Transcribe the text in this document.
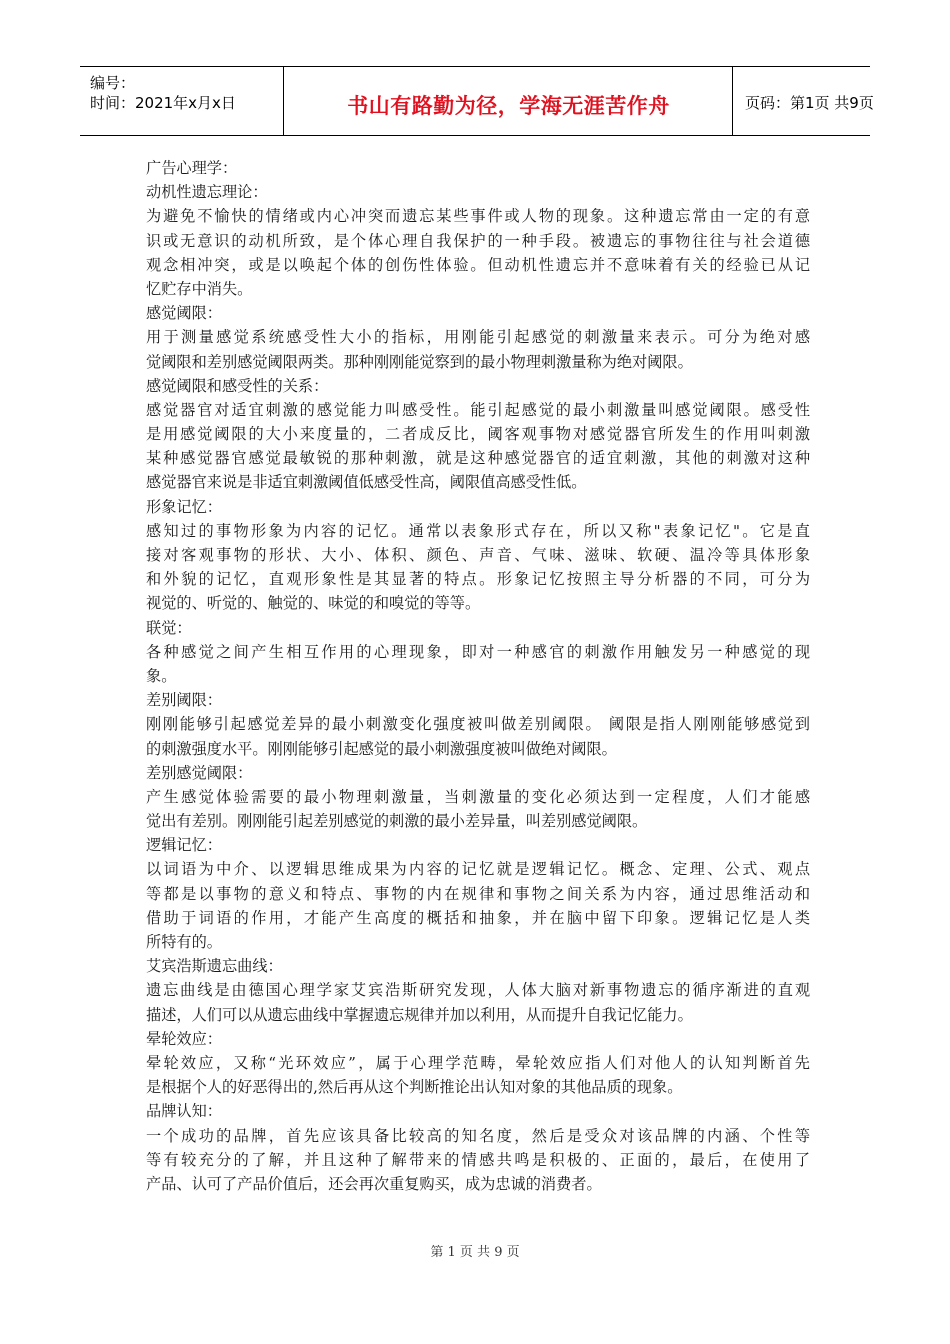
编号：
时间：2021年x月x日	书山有路勤为径，学海无涯苦作舟	页码：第1页 共9页
广告心理学：
动机性遗忘理论：
为避免不愉快的情绪或内心冲突而遗忘某些事件或人物的现象。这种遗忘常由一定的有意
识或无意识的动机所致，是个体心理自我保护的一种手段。被遗忘的事物往往与社会道德
观念相冲突，或是以唤起个体的创伤性体验。但动机性遗忘并不意味着有关的经验已从记
忆贮存中消失。
感觉阈限：
用于测量感觉系统感受性大小的指标，用刚能引起感觉的刺激量来表示。可分为绝对感
觉阈限和差别感觉阈限两类。那种刚刚能觉察到的最小物理刺激量称为绝对阈限。
感觉阈限和感受性的关系：
感觉器官对适宜刺激的感觉能力叫感受性。能引起感觉的最小刺激量叫感觉阈限。感受性
是用感觉阈限的大小来度量的，二者成反比，阈客观事物对感觉器官所发生的作用叫刺激
某种感觉器官感觉最敏锐的那种刺激，就是这种感觉器官的适宜刺激，其他的刺激对这种
感觉器官来说是非适宜刺激阈值低感受性高，阈限值高感受性低。
形象记忆：
感知过的事物形象为内容的记忆。通常以表象形式存在，所以又称"表象记忆"。它是直
接对客观事物的形状、大小、体积、颜色、声音、气味、滋味、软硬、温冷等具体形象
和外貌的记忆，直观形象性是其显著的特点。形象记忆按照主导分析器的不同，可分为
视觉的、听觉的、触觉的、味觉的和嗅觉的等等。
联觉：
各种感觉之间产生相互作用的心理现象，即对一种感官的刺激作用触发另一种感觉的现
象。
差别阈限：
刚刚能够引起感觉差异的最小刺激变化强度被叫做差别阈限。 阈限是指人刚刚能够感觉到
的刺激强度水平。刚刚能够引起感觉的最小刺激强度被叫做绝对阈限。
差别感觉阈限：
产生感觉体验需要的最小物理刺激量，当刺激量的变化必须达到一定程度，人们才能感
觉出有差别。刚刚能引起差别感觉的刺激的最小差异量，叫差别感觉阈限。
逻辑记忆：
以词语为中介、以逻辑思维成果为内容的记忆就是逻辑记忆。概念、定理、公式、观点
等都是以事物的意义和特点、事物的内在规律和事物之间关系为内容，通过思维活动和
借助于词语的作用，才能产生高度的概括和抽象，并在脑中留下印象。逻辑记忆是人类
所特有的。
艾宾浩斯遗忘曲线：
遗忘曲线是由德国心理学家艾宾浩斯研究发现，人体大脑对新事物遗忘的循序渐进的直观
描述，人们可以从遗忘曲线中掌握遗忘规律并加以利用，从而提升自我记忆能力。
晕轮效应：
晕轮效应，又称“光环效应”，属于心理学范畴，晕轮效应指人们对他人的认知判断首先
是根据个人的好恶得出的,然后再从这个判断推论出认知对象的其他品质的现象。
品牌认知：
一个成功的品牌，首先应该具备比较高的知名度，然后是受众对该品牌的内涵、个性等
等有较充分的了解，并且这种了解带来的情感共鸣是积极的、正面的，最后，在使用了
产品、认可了产品价值后，还会再次重复购买，成为忠诚的消费者。
第 1 页 共 9 页
